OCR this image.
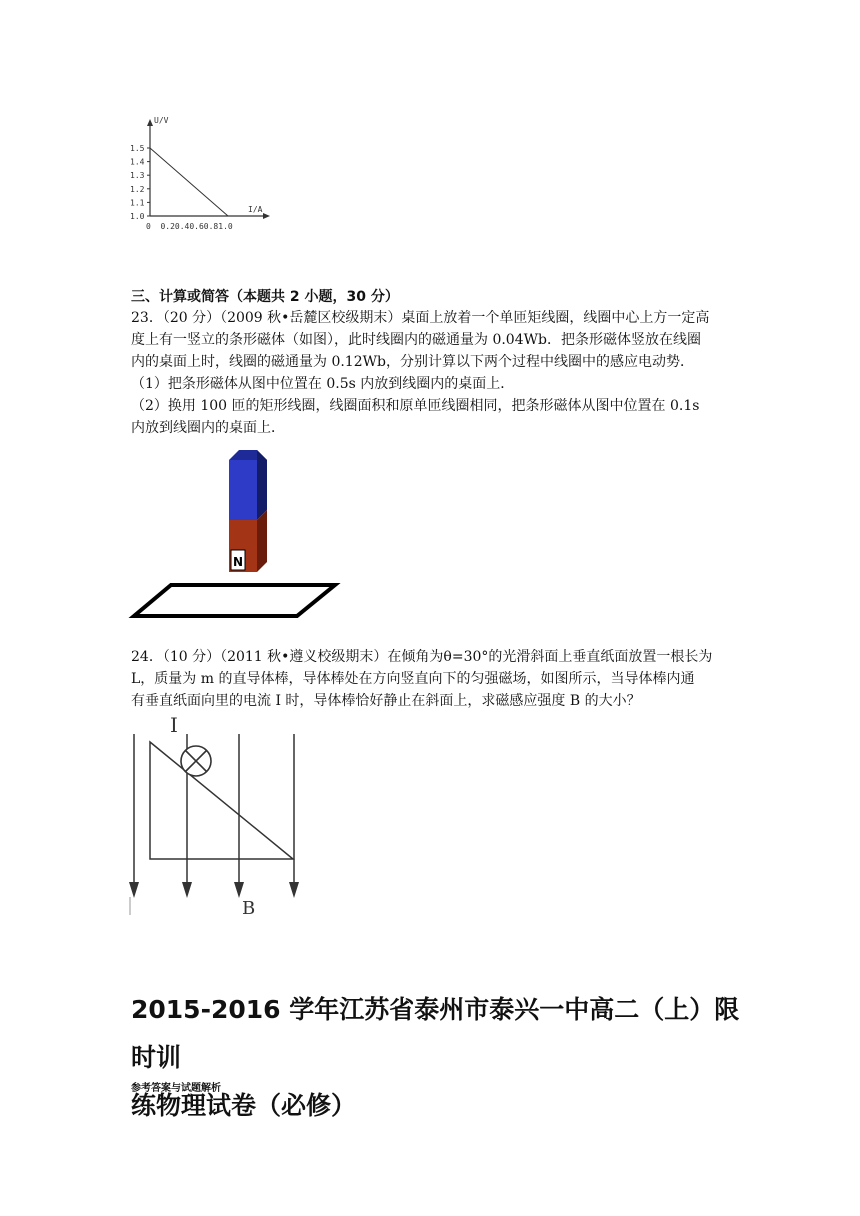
U/V
I/A
1.5
1.4
1.3
1.2
1.1
1.0
0  0.20.40.60.81.0
三、计算或简答（本题共 2 小题，30 分）
23．（20 分）（2009 秋•岳麓区校级期末）桌面上放着一个单匝矩线圈，线圈中心上方一定高
度上有一竖立的条形磁体（如图），此时线圈内的磁通量为 0.04Wb．把条形磁体竖放在线圈
内的桌面上时，线圈的磁通量为 0.12Wb，分别计算以下两个过程中线圈中的感应电动势．
（1）把条形磁体从图中位置在 0.5s 内放到线圈内的桌面上．
（2）换用 100 匝的矩形线圈，线圈面积和原单匝线圈相同，把条形磁体从图中位置在 0.1s
内放到线圈内的桌面上．
N
24．（10 分）（2011 秋•遵义校级期末）在倾角为θ=30°的光滑斜面上垂直纸面放置一根长为
L，质量为 m 的直导体棒，导体棒处在方向竖直向下的匀强磁场，如图所示，当导体棒内通
有垂直纸面向里的电流 I 时，导体棒恰好静止在斜面上，求磁感应强度 B 的大小？
I
B
2015-2016 学年江苏省泰州市泰兴一中高二（上）限时训
练物理试卷（必修）
参考答案与试题解析
